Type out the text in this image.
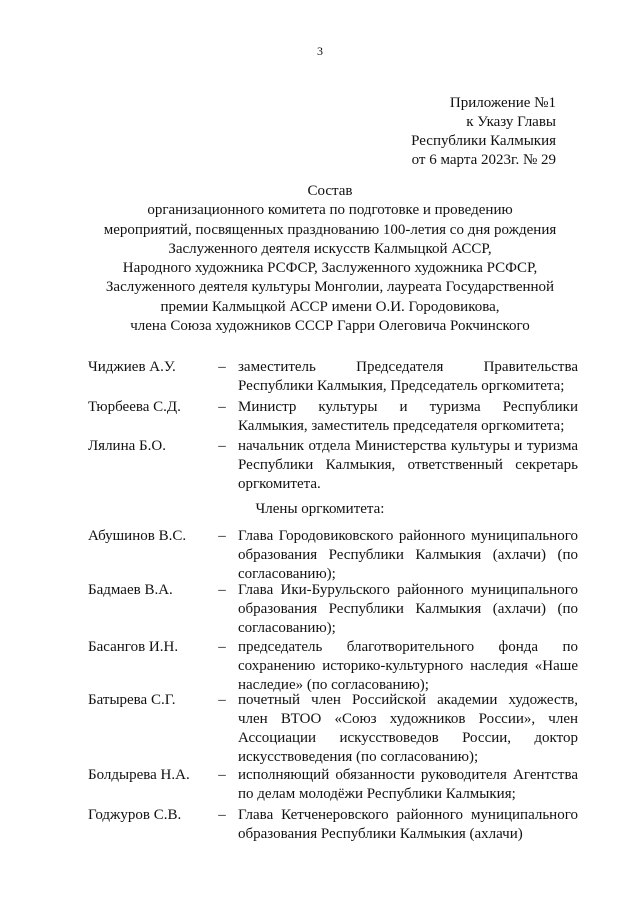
3
Приложение №1
к Указу Главы
Республики Калмыкия
от 6 марта 2023г. № 29
Состав
организационного комитета по подготовке и проведению
мероприятий, посвященных празднованию 100-летия со дня рождения
Заслуженного деятеля искусств Калмыцкой АССР,
Народного художника РСФСР, Заслуженного художника РСФСР,
Заслуженного деятеля культуры Монголии, лауреата Государственной
премии Калмыцкой АССР имени О.И. Городовикова,
члена Союза художников СССР Гарри Олеговича Рокчинского
Чиджиев А.У.	– заместитель Председателя Правительства Республики Калмыкия, Председатель оргкомитета;
Тюрбеева С.Д.	– Министр культуры и туризма Республики Калмыкия, заместитель председателя оргкомитета;
Лялина Б.О.	– начальник отдела Министерства культуры и туризма Республики Калмыкия, ответственный секретарь оргкомитета.
Члены оргкомитета:
Абушинов В.С.	– Глава Городовиковского районного муниципального образования Республики Калмыкия (ахлачи) (по согласованию);
Бадмаев В.А.	– Глава Ики-Бурульского районного муниципального образования Республики Калмыкия (ахлачи) (по согласованию);
Басангов И.Н.	– председатель благотворительного фонда по сохранению историко-культурного наследия «Наше наследие» (по согласованию);
Батырева С.Г.	– почетный член Российской академии художеств, член ВТОО «Союз художников России», член Ассоциации искусствоведов России, доктор искусствоведения (по согласованию);
Болдырева Н.А.	– исполняющий обязанности руководителя Агентства по делам молодёжи Республики Калмыкия;
Годжуров С.В.	– Глава Кетченеровского районного муниципального образования Республики Калмыкия (ахлачи)
